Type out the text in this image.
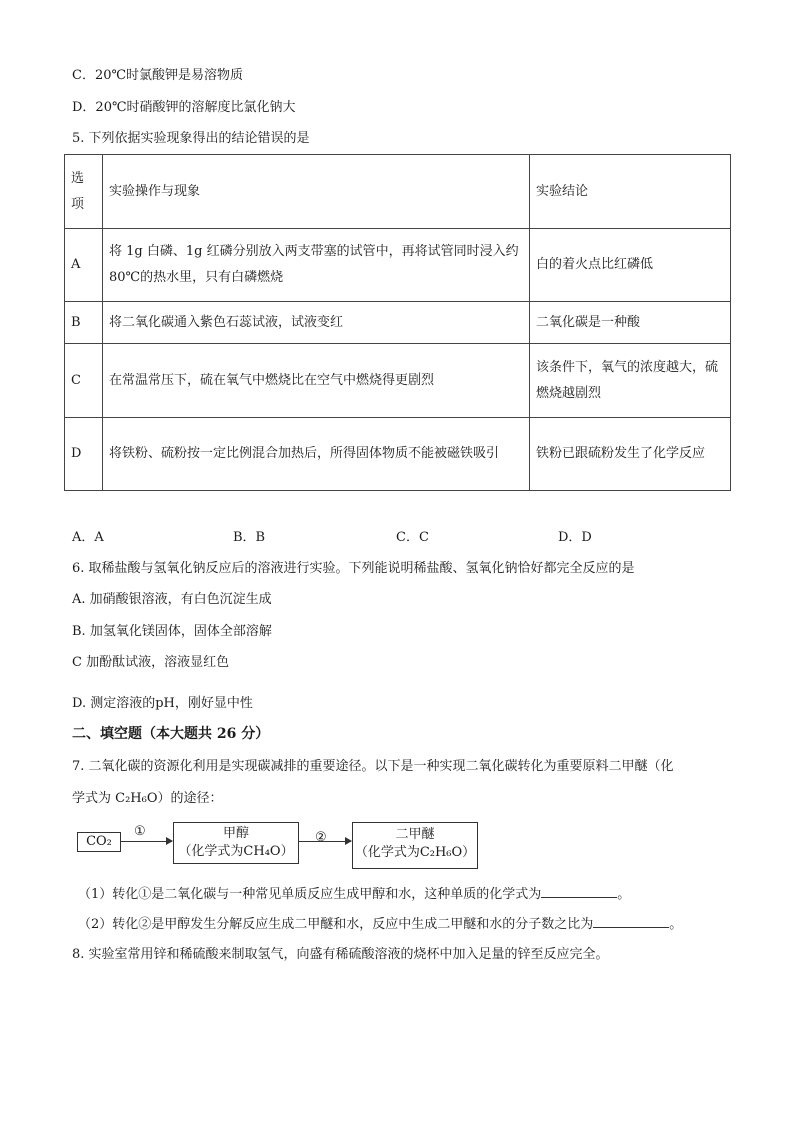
C．20℃时氯酸钾是易溶物质
D．20℃时硝酸钾的溶解度比氯化钠大
5. 下列依据实验现象得出的结论错误的是
选项	实验操作与现象	实验结论
A	将 1g 白磷、1g 红磷分别放入两支带塞的试管中，再将试管同时浸入约 80℃的热水里，只有白磷燃烧	白的着火点比红磷低
B	将二氧化碳通入紫色石蕊试液，试液变红	二氧化碳是一种酸
C	在常温常压下，硫在氧气中燃烧比在空气中燃烧得更剧烈	该条件下，氧气的浓度越大，硫燃烧越剧烈
D	将铁粉、硫粉按一定比例混合加热后，所得固体物质不能被磁铁吸引	铁粉已跟硫粉发生了化学反应
A．A	B．B	C．C	D．D
6. 取稀盐酸与氢氧化钠反应后的溶液进行实验。下列能说明稀盐酸、氢氧化钠恰好都完全反应的是
A. 加硝酸银溶液，有白色沉淀生成
B. 加氢氧化镁固体，固体全部溶解
C 加酚酞试液，溶液显红色
D. 测定溶液的pH，刚好显中性
二、填空题（本大题共 26 分）
7. 二氧化碳的资源化利用是实现碳减排的重要途径。以下是一种实现二氧化碳转化为重要原料二甲醚（化
学式为 C₂H₆O）的途径：
CO₂
①	甲醇
（化学式为CH₄O）
②	二甲醚
（化学式为C₂H₆O）
（1）转化①是二氧化碳与一种常见单质反应生成甲醇和水，这种单质的化学式为	。
（2）转化②是甲醇发生分解反应生成二甲醚和水，反应中生成二甲醚和水的分子数之比为	。
8. 实验室常用锌和稀硫酸来制取氢气，向盛有稀硫酸溶液的烧杯中加入足量的锌至反应完全。
